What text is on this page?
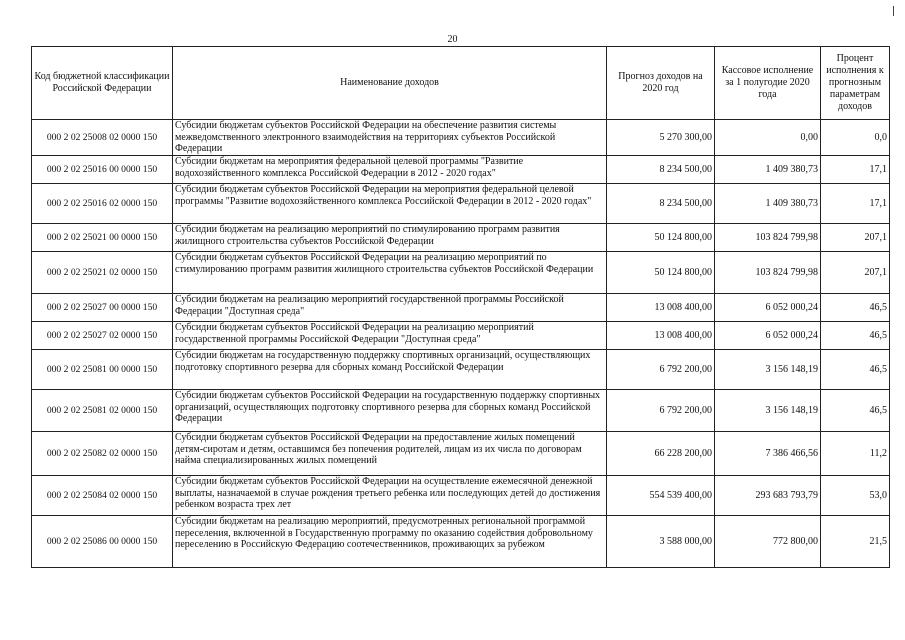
20
Код бюджетной классификации Российской Федерации	Наименование доходов	Прогноз доходов на 2020 год	Кассовое исполнение за 1 полугодие 2020 года	Процент исполнения к прогнозным параметрам доходов
000 2 02 25008 02 0000 150	Субсидии бюджетам субъектов Российской Федерации на обеспечение развития системы межведомственного электронного взаимодействия на территориях субъектов Российской Федерации	5 270 300,00	0,00	0,0
000 2 02 25016 00 0000 150	Субсидии бюджетам на мероприятия федеральной целевой программы "Развитие водохозяйственного комплекса Российской Федерации в 2012 - 2020 годах"	8 234 500,00	1 409 380,73	17,1
000 2 02 25016 02 0000 150	Субсидии бюджетам субъектов Российской Федерации на мероприятия федеральной целевой программы "Развитие водохозяйственного комплекса Российской Федерации в 2012 - 2020 годах"	8 234 500,00	1 409 380,73	17,1
000 2 02 25021 00 0000 150	Субсидии бюджетам на реализацию мероприятий по стимулированию программ развития жилищного строительства субъектов Российской Федерации	50 124 800,00	103 824 799,98	207,1
000 2 02 25021 02 0000 150	Субсидии бюджетам субъектов Российской Федерации на реализацию мероприятий по стимулированию программ развития жилищного строительства субъектов Российской Федерации	50 124 800,00	103 824 799,98	207,1
000 2 02 25027 00 0000 150	Субсидии бюджетам на реализацию мероприятий государственной программы Российской Федерации "Доступная среда"	13 008 400,00	6 052 000,24	46,5
000 2 02 25027 02 0000 150	Субсидии бюджетам субъектов Российской Федерации на реализацию мероприятий государственной программы Российской Федерации "Доступная среда"	13 008 400,00	6 052 000,24	46,5
000 2 02 25081 00 0000 150	Субсидии бюджетам на государственную поддержку спортивных организаций, осуществляющих подготовку спортивного резерва для сборных команд Российской Федерации	6 792 200,00	3 156 148,19	46,5
000 2 02 25081 02 0000 150	Субсидии бюджетам субъектов Российской Федерации на государственную поддержку спортивных организаций, осуществляющих подготовку спортивного резерва для сборных команд Российской Федерации	6 792 200,00	3 156 148,19	46,5
000 2 02 25082 02 0000 150	Субсидии бюджетам субъектов Российской Федерации на предоставление жилых помещений детям-сиротам и детям, оставшимся без попечения родителей, лицам из их числа по договорам найма специализированных жилых помещений	66 228 200,00	7 386 466,56	11,2
000 2 02 25084 02 0000 150	Субсидии бюджетам субъектов Российской Федерации на осуществление ежемесячной денежной выплаты, назначаемой в случае рождения третьего ребенка или последующих детей до достижения ребенком возраста трех лет	554 539 400,00	293 683 793,79	53,0
000 2 02 25086 00 0000 150	Субсидии бюджетам на реализацию мероприятий, предусмотренных региональной программой переселения, включенной в Государственную программу по оказанию содействия добровольному переселению в Российскую Федерацию соотечественников, проживающих за рубежом	3 588 000,00	772 800,00	21,5
